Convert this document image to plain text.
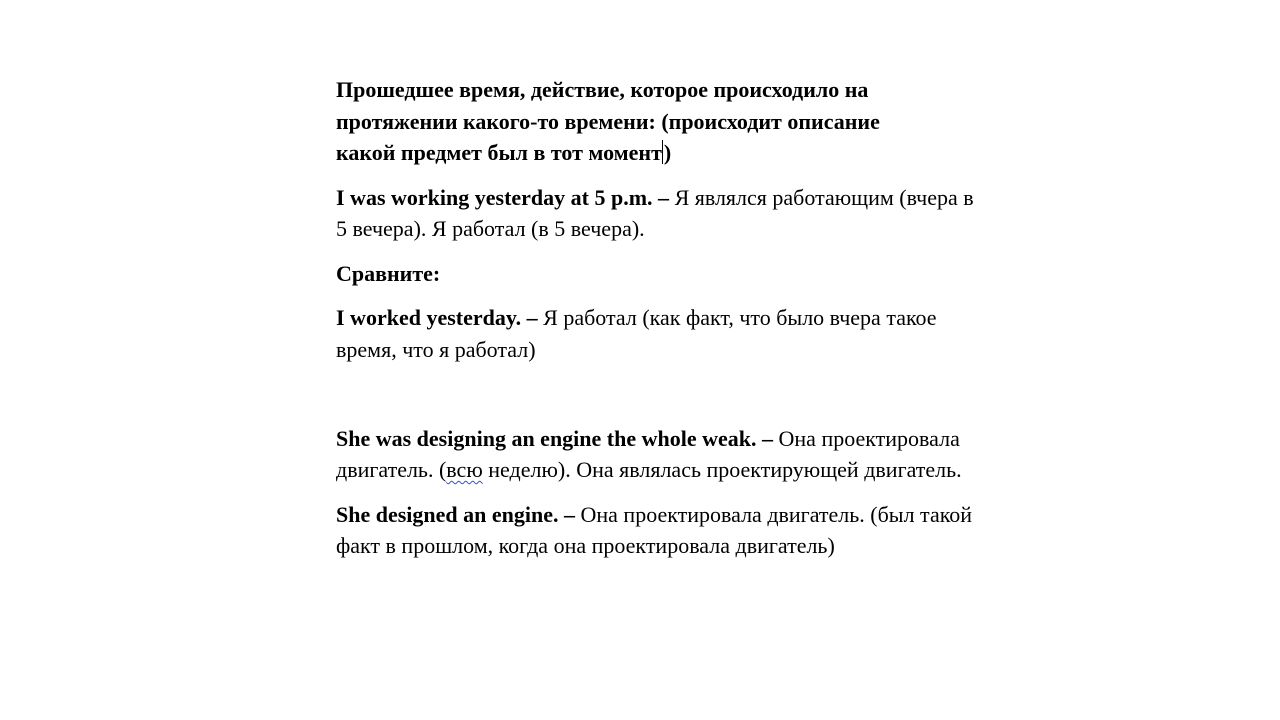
Прошедшее время, действие, которое происходило на
протяжении какого-то времени: (происходит описание
какой предмет был в тот момент)

I was working yesterday at 5 p.m. – Я являлся работающим (вчера в 5 вечера). Я работал (в 5 вечера).

Сравните:

I worked yesterday. – Я работал (как факт, что было вчера такое время, что я работал)

She was designing an engine the whole weak. – Она проектировала двигатель. (всю неделю). Она являлась проектирующей двигатель.

She designed an engine. – Она проектировала двигатель. (был такой факт в прошлом, когда она проектировала двигатель)
